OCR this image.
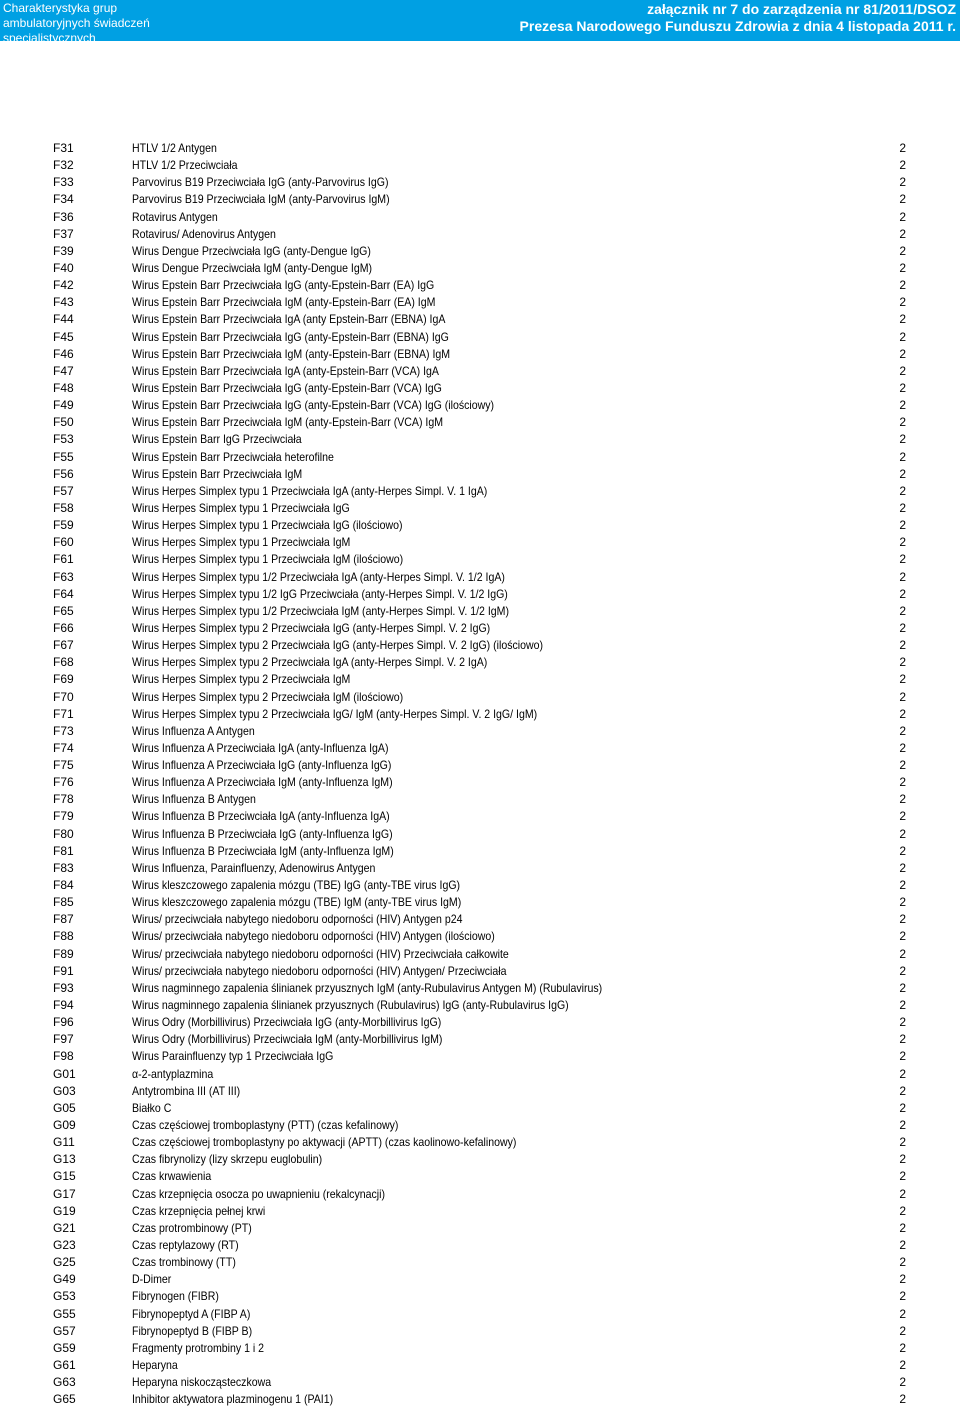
Charakterystyka grup
ambulatoryjnych świadczeń
specjalistycznych
załącznik nr 7 do zarządzenia nr 81/2011/DSOZ
Prezesa Narodowego Funduszu Zdrowia z dnia 4 listopada 2011 r.
F31	HTLV 1/2 Antygen	2
F32	HTLV 1/2 Przeciwciała	2
F33	Parvovirus B19 Przeciwciała IgG (anty-Parvovirus IgG)	2
F34	Parvovirus B19 Przeciwciała IgM (anty-Parvovirus IgM)	2
F36	Rotavirus Antygen	2
F37	Rotavirus/ Adenovirus Antygen	2
F39	Wirus Dengue Przeciwciała IgG (anty-Dengue IgG)	2
F40	Wirus Dengue Przeciwciała IgM (anty-Dengue IgM)	2
F42	Wirus Epstein Barr Przeciwciała IgG (anty-Epstein-Barr (EA) IgG	2
F43	Wirus Epstein Barr Przeciwciała IgM (anty-Epstein-Barr (EA) IgM	2
F44	Wirus Epstein Barr Przeciwciała IgA (anty Epstein-Barr (EBNA) IgA	2
F45	Wirus Epstein Barr Przeciwciała IgG (anty-Epstein-Barr (EBNA) IgG	2
F46	Wirus Epstein Barr Przeciwciała IgM (anty-Epstein-Barr (EBNA) IgM	2
F47	Wirus Epstein Barr Przeciwciała IgA (anty-Epstein-Barr (VCA) IgA	2
F48	Wirus Epstein Barr Przeciwciała IgG (anty-Epstein-Barr (VCA) IgG	2
F49	Wirus Epstein Barr Przeciwciała IgG (anty-Epstein-Barr (VCA) IgG (ilościowy)	2
F50	Wirus Epstein Barr Przeciwciała IgM (anty-Epstein-Barr (VCA) IgM	2
F53	Wirus Epstein Barr IgG Przeciwciała	2
F55	Wirus Epstein Barr Przeciwciała heterofilne	2
F56	Wirus Epstein Barr Przeciwciała IgM	2
F57	Wirus Herpes Simplex typu 1 Przeciwciała IgA (anty-Herpes Simpl. V. 1 IgA)	2
F58	Wirus Herpes Simplex typu 1 Przeciwciała IgG	2
F59	Wirus Herpes Simplex typu 1 Przeciwciała IgG (ilościowo)	2
F60	Wirus Herpes Simplex typu 1 Przeciwciała IgM	2
F61	Wirus Herpes Simplex typu 1 Przeciwciała IgM (ilościowo)	2
F63	Wirus Herpes Simplex typu 1/2 Przeciwciała IgA (anty-Herpes Simpl. V. 1/2 IgA)	2
F64	Wirus Herpes Simplex typu 1/2 IgG Przeciwciała (anty-Herpes Simpl. V. 1/2 IgG)	2
F65	Wirus Herpes Simplex typu 1/2 Przeciwciała IgM (anty-Herpes Simpl. V. 1/2 IgM)	2
F66	Wirus Herpes Simplex typu 2 Przeciwciała IgG (anty-Herpes Simpl. V. 2 IgG)	2
F67	Wirus Herpes Simplex typu 2 Przeciwciała IgG (anty-Herpes Simpl. V. 2 IgG) (ilościowo)	2
F68	Wirus Herpes Simplex typu 2 Przeciwciała IgA (anty-Herpes Simpl. V. 2 IgA)	2
F69	Wirus Herpes Simplex typu 2 Przeciwciała IgM	2
F70	Wirus Herpes Simplex typu 2 Przeciwciała IgM (ilościowo)	2
F71	Wirus Herpes Simplex typu 2 Przeciwciała IgG/ IgM (anty-Herpes Simpl. V. 2 IgG/ IgM)	2
F73	Wirus Influenza A Antygen	2
F74	Wirus Influenza A Przeciwciała IgA (anty-Influenza IgA)	2
F75	Wirus Influenza A Przeciwciała IgG (anty-Influenza IgG)	2
F76	Wirus Influenza A Przeciwciała IgM (anty-Influenza IgM)	2
F78	Wirus Influenza B Antygen	2
F79	Wirus Influenza B Przeciwciała IgA (anty-Influenza IgA)	2
F80	Wirus Influenza B Przeciwciała IgG (anty-Influenza IgG)	2
F81	Wirus Influenza B Przeciwciała IgM (anty-Influenza IgM)	2
F83	Wirus Influenza, Parainfluenzy, Adenowirus Antygen	2
F84	Wirus kleszczowego zapalenia mózgu (TBE) IgG (anty-TBE virus IgG)	2
F85	Wirus kleszczowego zapalenia mózgu (TBE) IgM (anty-TBE virus IgM)	2
F87	Wirus/ przeciwciała nabytego niedoboru odporności (HIV) Antygen p24	2
F88	Wirus/ przeciwciała nabytego niedoboru odporności (HIV) Antygen (ilościowo)	2
F89	Wirus/ przeciwciała nabytego niedoboru odporności (HIV) Przeciwciała całkowite	2
F91	Wirus/ przeciwciała nabytego niedoboru odporności (HIV) Antygen/ Przeciwciała	2
F93	Wirus nagminnego zapalenia ślinianek przyusznych IgM (anty-Rubulavirus Antygen M) (Rubulavirus)	2
F94	Wirus nagminnego zapalenia ślinianek przyusznych (Rubulavirus) IgG (anty-Rubulavirus IgG)	2
F96	Wirus Odry (Morbillivirus) Przeciwciała IgG (anty-Morbillivirus IgG)	2
F97	Wirus Odry (Morbillivirus) Przeciwciała IgM (anty-Morbillivirus IgM)	2
F98	Wirus Parainfluenzy typ 1 Przeciwciała IgG	2
G01	α-2-antyplazmina	2
G03	Antytrombina III (AT III)	2
G05	Białko C	2
G09	Czas częściowej tromboplastyny (PTT) (czas kefalinowy)	2
G11	Czas częściowej tromboplastyny po aktywacji (APTT) (czas kaolinowo-kefalinowy)	2
G13	Czas fibrynolizy (lizy skrzepu euglobulin)	2
G15	Czas krwawienia	2
G17	Czas krzepnięcia osocza po uwapnieniu (rekalcynacji)	2
G19	Czas krzepnięcia pełnej krwi	2
G21	Czas protrombinowy (PT)	2
G23	Czas reptylazowy (RT)	2
G25	Czas trombinowy (TT)	2
G49	D-Dimer	2
G53	Fibrynogen (FIBR)	2
G55	Fibrynopeptyd A (FIBP A)	2
G57	Fibrynopeptyd B (FIBP B)	2
G59	Fragmenty protrombiny 1 i 2	2
G61	Heparyna	2
G63	Heparyna niskocząsteczkowa	2
G65	Inhibitor aktywatora plazminogenu 1 (PAI1)	2
